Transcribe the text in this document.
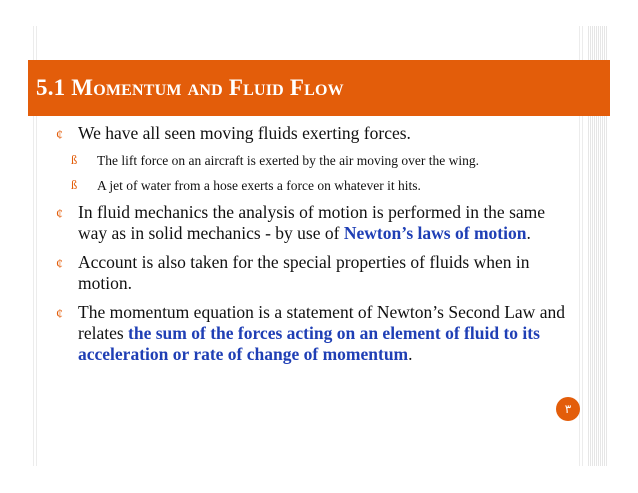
5.1 Momentum and Fluid Flow
¢ We have all seen moving fluids exerting forces.
ß The lift force on an aircraft is exerted by the air moving over the wing.
ß A jet of water from a hose exerts a force on whatever it hits.
¢ In fluid mechanics the analysis of motion is performed in the same way as in solid mechanics - by use of Newton’s laws of motion.
¢ Account is also taken for the special properties of fluids when in motion.
¢ The momentum equation is a statement of Newton’s Second Law and relates the sum of the forces acting on an element of fluid to its acceleration or rate of change of momentum.
٣
